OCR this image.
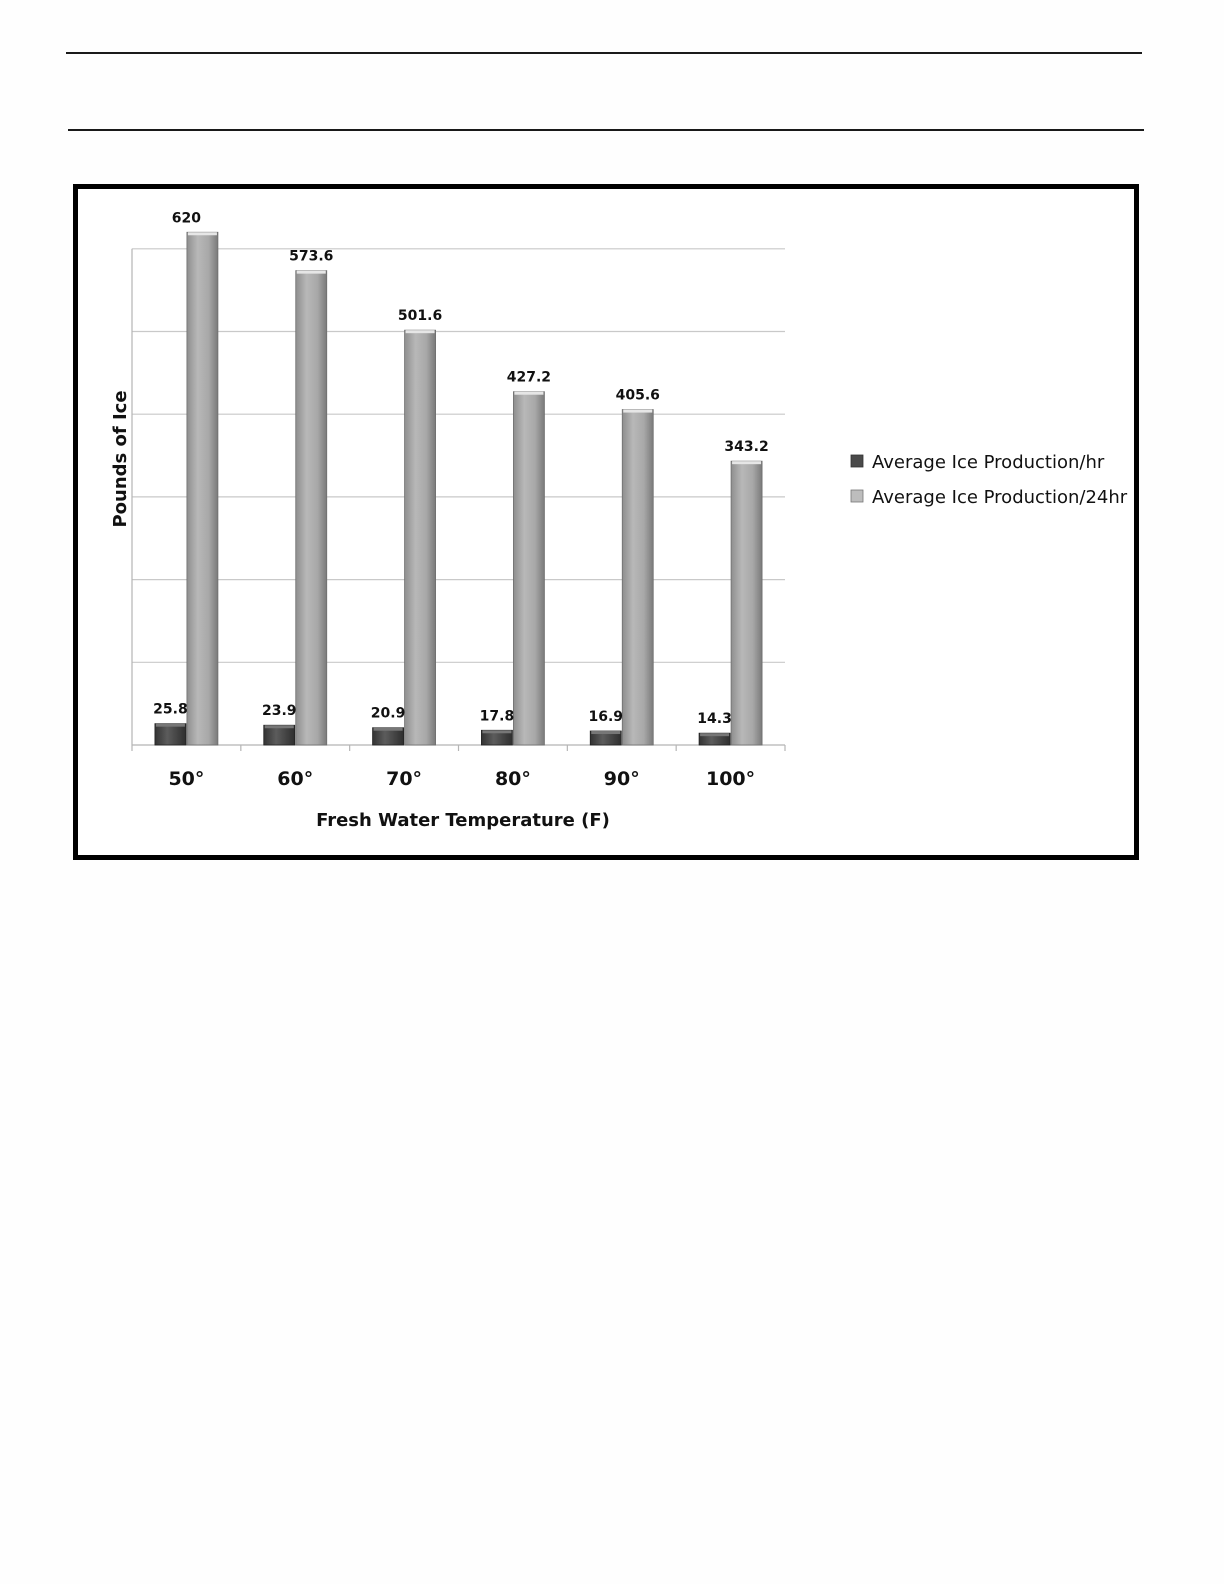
25.8
620
23.9
573.6
20.9
501.6
17.8
427.2
16.9
405.6
14.3
343.2
50°	60°	70°	80°	90°	100°
Fresh Water Temperature (F)
Pounds of Ice	Average Ice Production/hr
Average Ice Production/24hr
